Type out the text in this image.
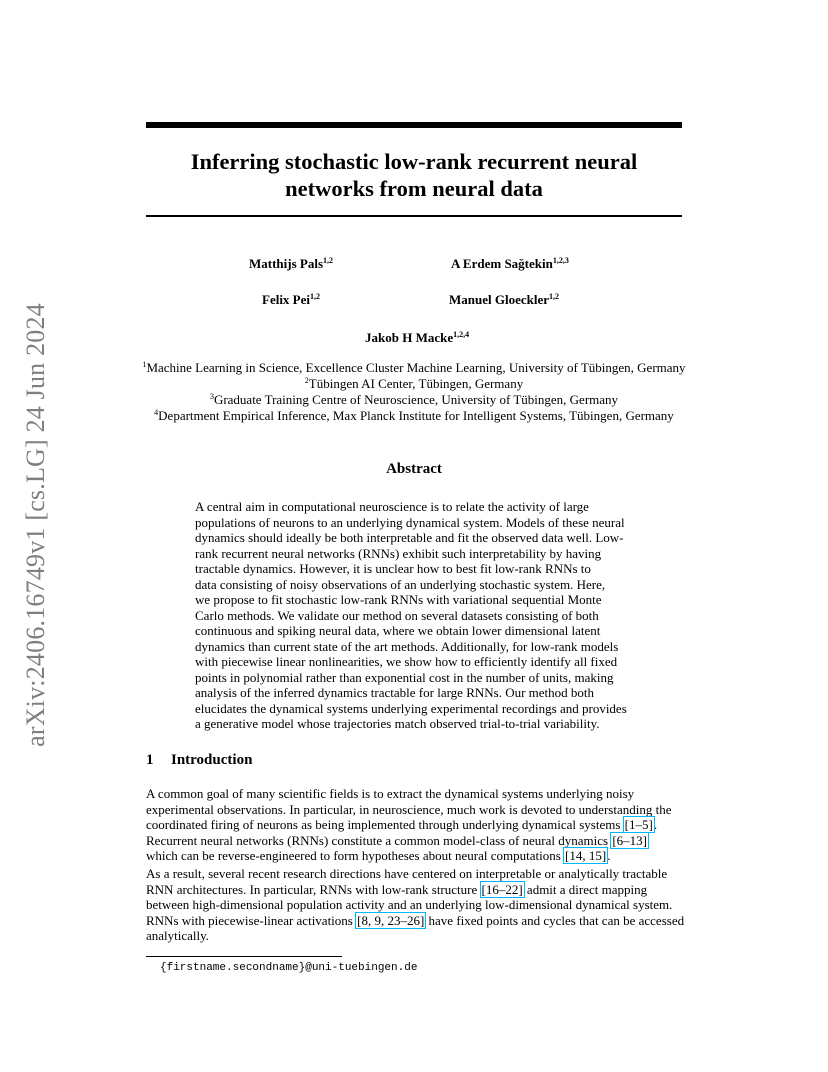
arXiv:2406.16749v1 [cs.LG] 24 Jun 2024
Inferring stochastic low-rank recurrent neural
networks from neural data
Matthijs Pals$^{1,2}$	A Erdem Sağtekin$^{1,2,3}$
Felix Pei$^{1,2}$	Manuel Gloeckler$^{1,2}$
Jakob H Macke$^{1,2,4}$
$^1$Machine Learning in Science, Excellence Cluster Machine Learning, University of Tübingen, Germany
$^2$Tübingen AI Center, Tübingen, Germany
$^3$Graduate Training Centre of Neuroscience, University of Tübingen, Germany
$^4$Department Empirical Inference, Max Planck Institute for Intelligent Systems, Tübingen, Germany
Abstract
A central aim in computational neuroscience is to relate the activity of large
populations of neurons to an underlying dynamical system. Models of these neural
dynamics should ideally be both interpretable and fit the observed data well. Low-
rank recurrent neural networks (RNNs) exhibit such interpretability by having
tractable dynamics. However, it is unclear how to best fit low-rank RNNs to
data consisting of noisy observations of an underlying stochastic system. Here,
we propose to fit stochastic low-rank RNNs with variational sequential Monte
Carlo methods. We validate our method on several datasets consisting of both
continuous and spiking neural data, where we obtain lower dimensional latent
dynamics than current state of the art methods. Additionally, for low-rank models
with piecewise linear nonlinearities, we show how to efficiently identify all fixed
points in polynomial rather than exponential cost in the number of units, making
analysis of the inferred dynamics tractable for large RNNs. Our method both
elucidates the dynamical systems underlying experimental recordings and provides
a generative model whose trajectories match observed trial-to-trial variability.
1 Introduction
A common goal of many scientific fields is to extract the dynamical systems underlying noisy
experimental observations. In particular, in neuroscience, much work is devoted to understanding the
coordinated firing of neurons as being implemented through underlying dynamical systems [1–5].
Recurrent neural networks (RNNs) constitute a common model-class of neural dynamics [6–13]
which can be reverse-engineered to form hypotheses about neural computations [14, 15].
As a result, several recent research directions have centered on interpretable or analytically tractable
RNN architectures. In particular, RNNs with low-rank structure [16–22] admit a direct mapping
between high-dimensional population activity and an underlying low-dimensional dynamical system.
RNNs with piecewise-linear activations [8, 9, 23–26] have fixed points and cycles that can be accessed
analytically.
{firstname.secondname}@uni-tuebingen.de
